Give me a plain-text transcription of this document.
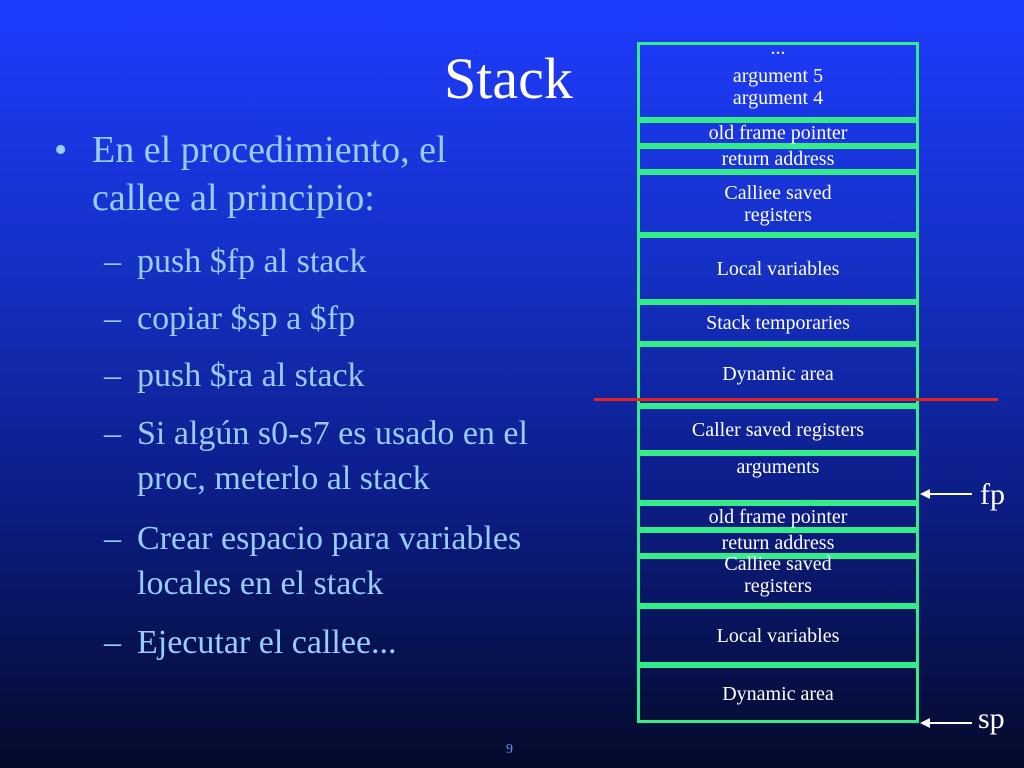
Stack
• En el procedimiento, el
callee al principio:
– push $fp al stack
– copiar $sp a $fp
– push $ra al stack
– Si algún s0-s7 es usado en el
proc, meterlo al stack
– Crear espacio para variables
locales en el stack
– Ejecutar el callee...
...
argument 5
argument 4
old frame pointer
return address
Calliee saved
registers
Local variables
Stack temporaries
Dynamic area
Caller saved registers
arguments
old frame pointer
return address
Calliee saved
registers
Local variables
Dynamic area
fp
sp
9
